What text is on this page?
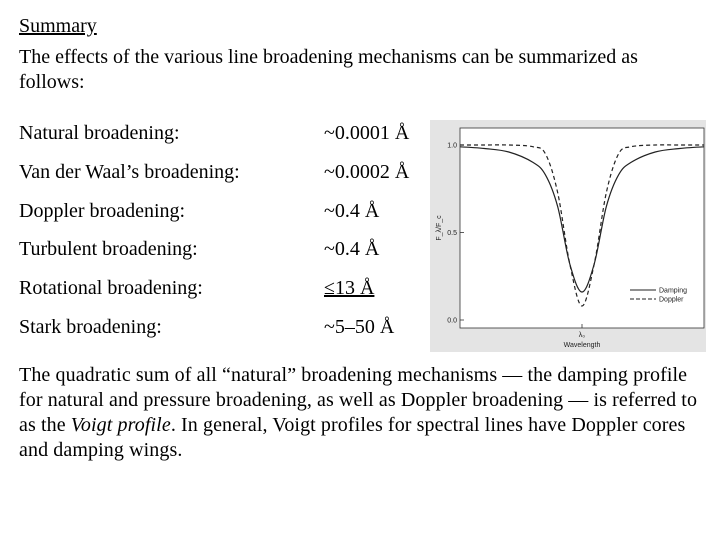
Summary
The effects of the various line broadening mechanisms can be summarized as follows:
Natural broadening:	~0.0001 Å
Van der Waal’s broadening:	~0.0002 Å
Doppler broadening:	~0.4 Å
Turbulent broadening:	~0.4 Å
Rotational broadening:	≤13 Å
Stark broadening:	~5–50 Å	0.0
0.5
1.0
F_λ/F_c
λ₀
Wavelength
Damping
Doppler
The quadratic sum of all “natural” broadening mechanisms — the damping profile for natural and pressure broadening, as well as Doppler broadening — is referred to as the Voigt profile. In general, Voigt profiles for spectral lines have Doppler cores and damping wings.
